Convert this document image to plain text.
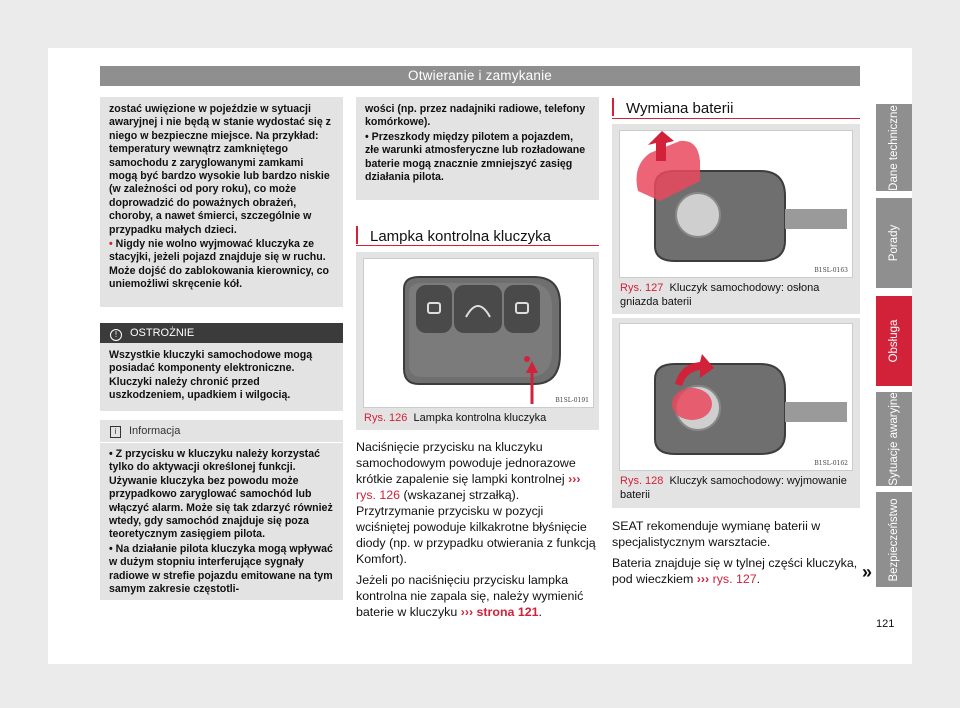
Otwieranie i zamykanie
Dane techniczne
Porady
Obsługa
Sytuacje awaryjne
Bezpieczeństwo

zostać uwięzione w pojeździe w sytuacji awaryjnej i nie będą w stanie wydostać się z niego w bezpieczne miejsce. Na przykład: temperatury wewnątrz zamkniętego samochodu z zaryglowanymi zamkami mogą być bardzo wysokie lub bardzo niskie (w zależności od pory roku), co może doprowadzić do poważnych obrażeń, choroby, a nawet śmierci, szczególnie w przypadku małych dzieci.

• Nigdy nie wolno wyjmować kluczyka ze stacyjki, jeżeli pojazd znajduje się w ruchu. Może dojść do zablokowania kierownicy, co uniemożliwi skręcenie kół.

! OSTROŻNIE

Wszystkie kluczyki samochodowe mogą posiadać komponenty elektroniczne. Kluczyki należy chronić przed uszkodzeniem, upadkiem i wilgocią.

i Informacja

• Z przycisku w kluczyku należy korzystać tylko do aktywacji określonej funkcji. Używanie kluczyka bez powodu może przypadkowo zaryglować samochód lub włączyć alarm. Może się tak zdarzyć również wtedy, gdy samochód znajduje się poza teoretycznym zasięgiem pilota.

• Na działanie pilota kluczyka mogą wpływać w dużym stopniu interferujące sygnały radiowe w strefie pojazdu emitowane na tym samym zakresie częstotli-

wości (np. przez nadajniki radiowe, telefony komórkowe).

• Przeszkody między pilotem a pojazdem, złe warunki atmosferyczne lub rozładowane baterie mogą znacznie zmniejszyć zasięg działania pilota.

Lampka kontrolna kluczyka
B1SL-0191
Rys. 126 Lampka kontrolna kluczyka

Naciśnięcie przycisku na kluczyku samochodowym powoduje jednorazowe krótkie zapalenie się lampki kontrolnej ››› rys. 126 (wskazanej strzałką). Przytrzymanie przycisku w pozycji wciśniętej powoduje kilkakrotne błyśnięcie diody (np. w przypadku otwierania z funkcją Komfort).

Jeżeli po naciśnięciu przycisku lampka kontrolna nie zapala się, należy wymienić baterie w kluczyku ››› strona 121.

Wymiana baterii
B1SL-0163
Rys. 127 Kluczyk samochodowy: osłona gniazda baterii
B1SL-0162
Rys. 128 Kluczyk samochodowy: wyjmowanie baterii

SEAT rekomenduje wymianę baterii w specjalistycznym warsztacie.

Bateria znajduje się w tylnej części kluczyka, pod wieczkiem ››› rys. 127.	»
121
